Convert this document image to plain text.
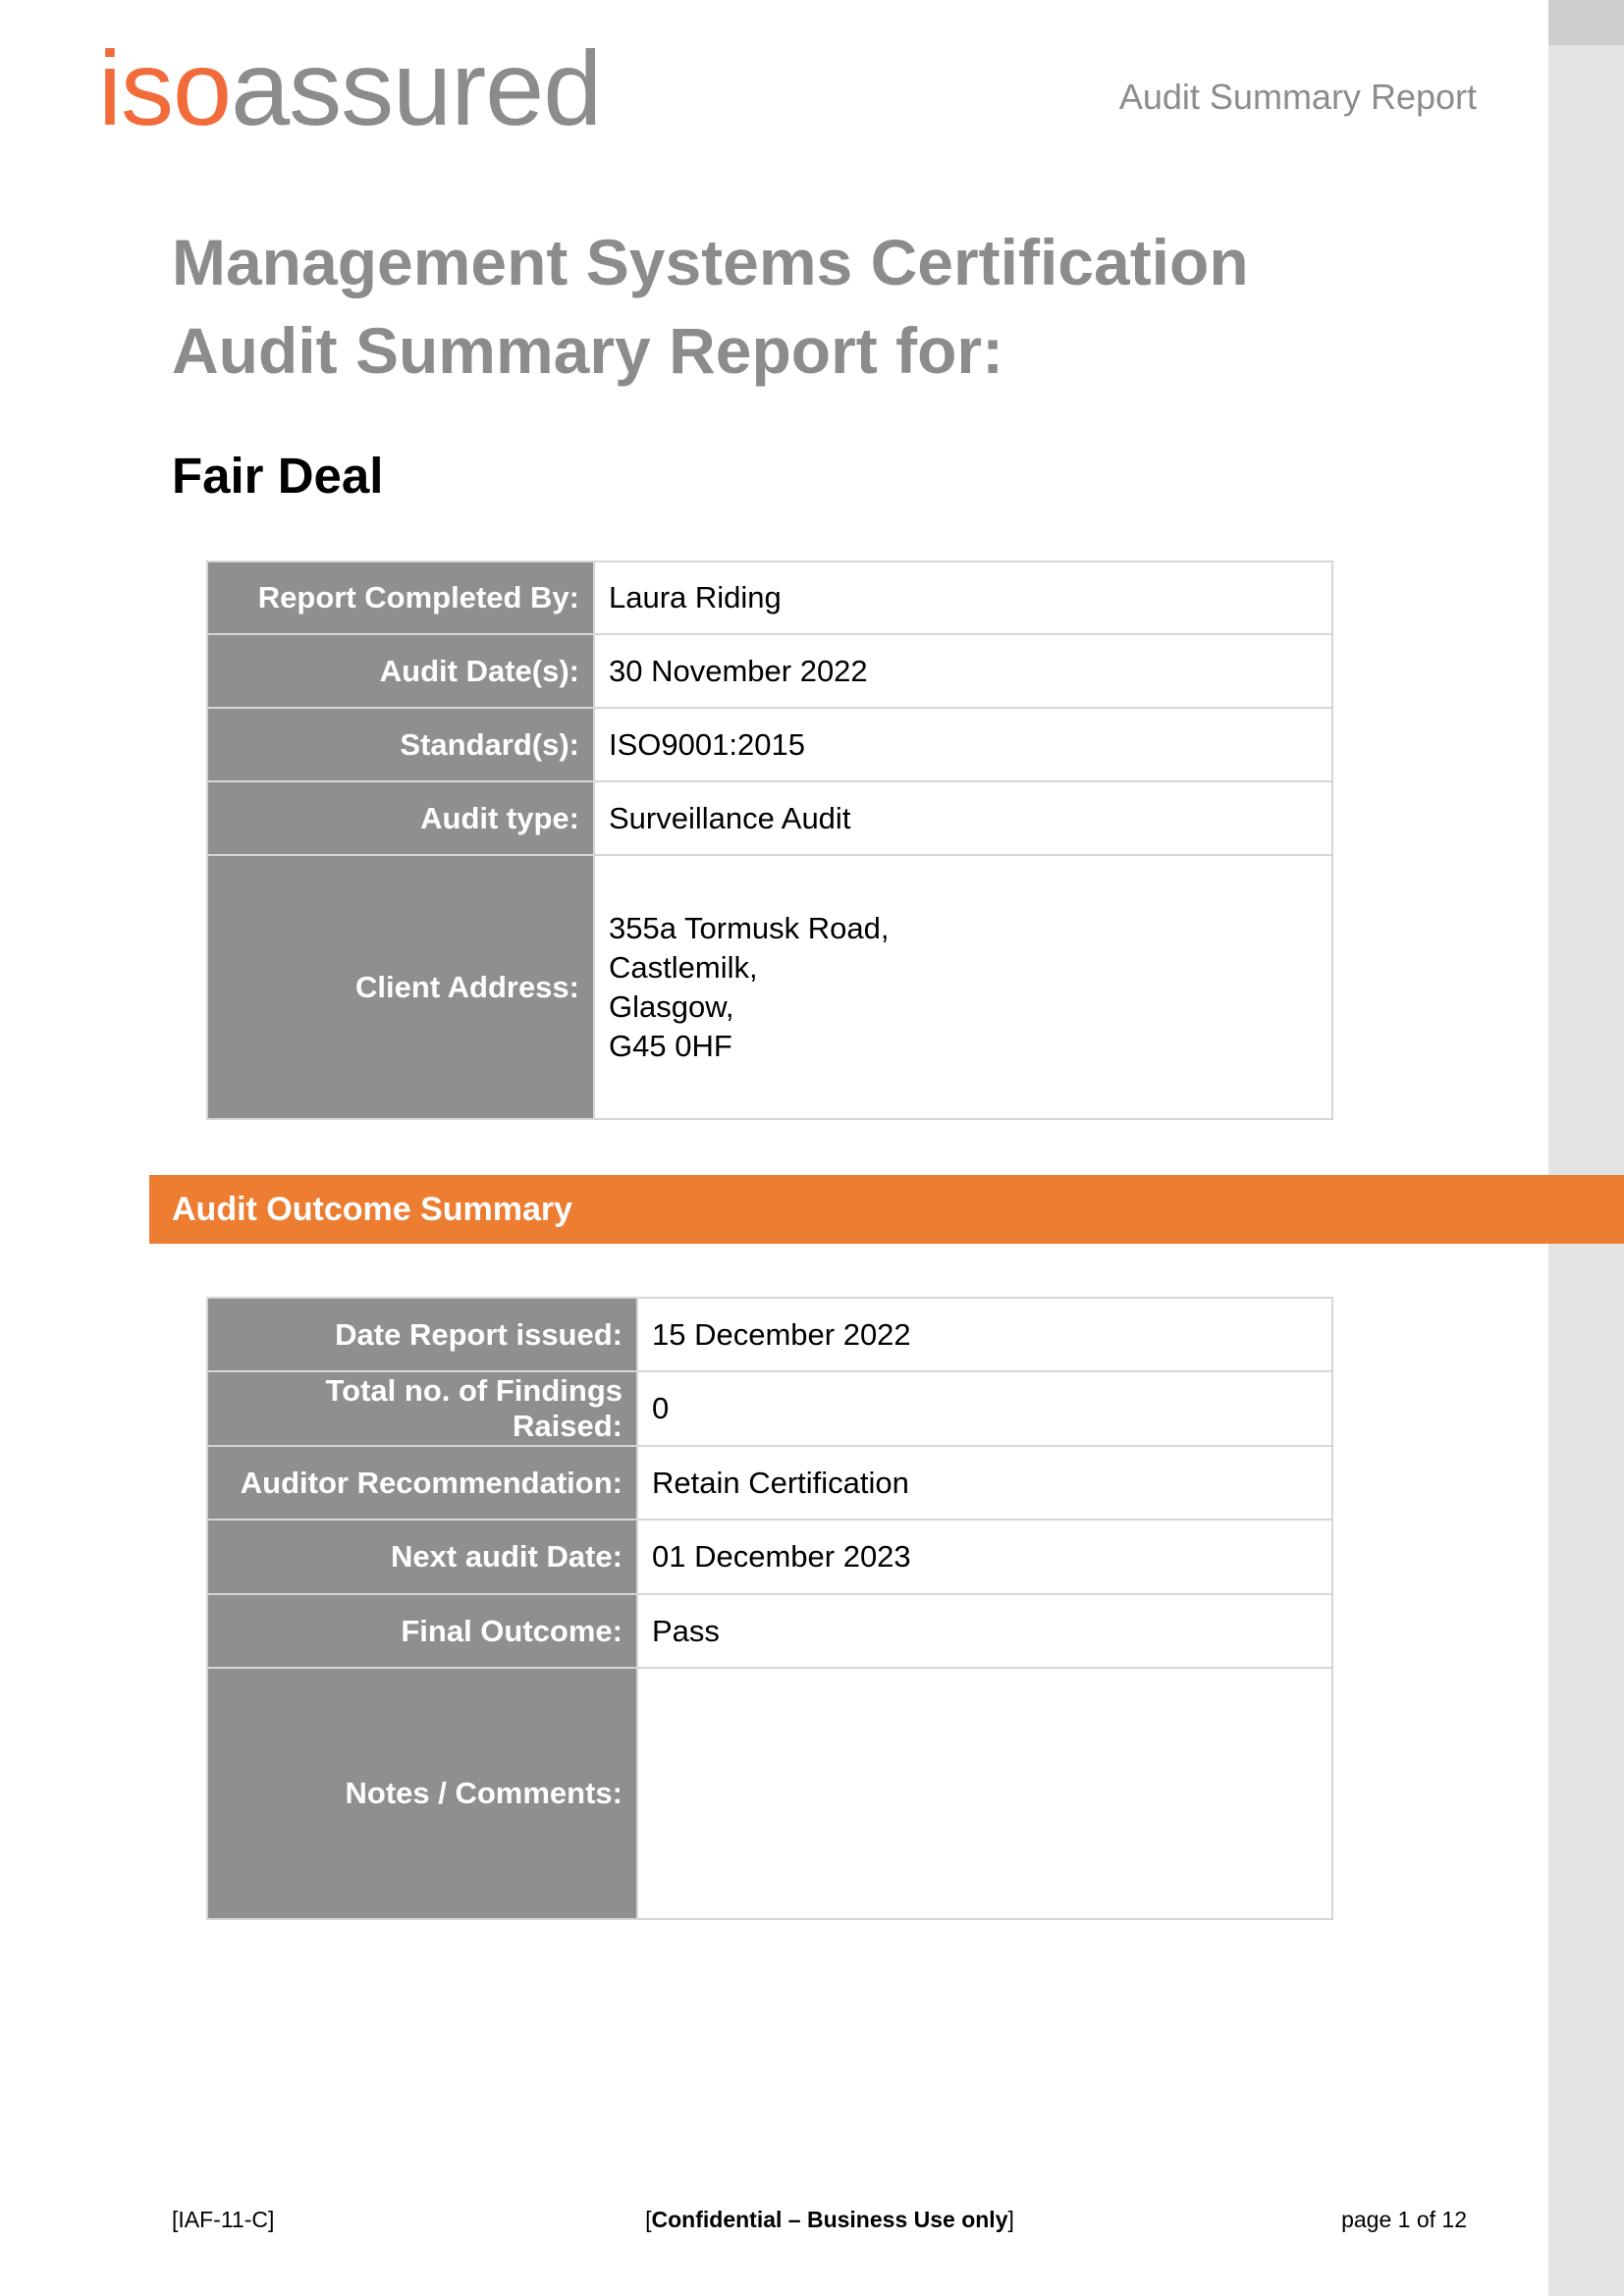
isoassured	Audit Summary Report
Management Systems Certification
Audit Summary Report for:
Fair Deal
Report Completed By:	Laura Riding
Audit Date(s):	30 November 2022
Standard(s):	ISO9001:2015
Audit type:	Surveillance Audit
Client Address:	355a Tormusk Road,
Castlemilk,
Glasgow,
G45 0HF
Audit Outcome Summary
Date Report issued:	15 December 2022
Total no. of Findings Raised:	0
Auditor Recommendation:	Retain Certification
Next audit Date:	01 December 2023
Final Outcome:	Pass
Notes / Comments:	
[IAF-11-C]	[Confidential – Business Use only]	page 1 of 12
